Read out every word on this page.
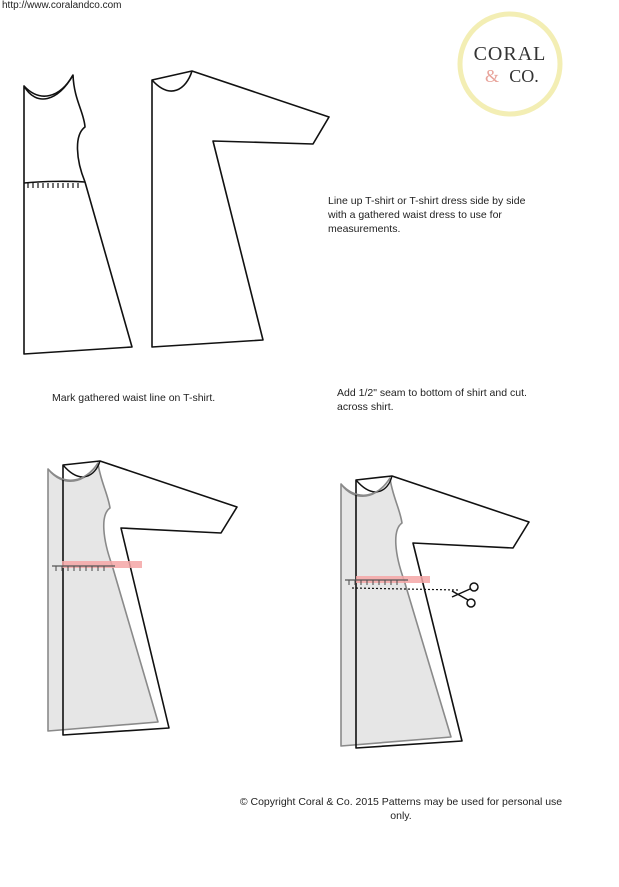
http://www.coralandco.com
CORAL
& CO.
Line up T-shirt or T-shirt dress side by side with a gathered waist dress to use for measurements.
Mark gathered waist line on T-shirt.	Add 1/2" seam to bottom of shirt and cut. across shirt.
© Copyright Coral & Co. 2015 Patterns may be used for personal use only.
